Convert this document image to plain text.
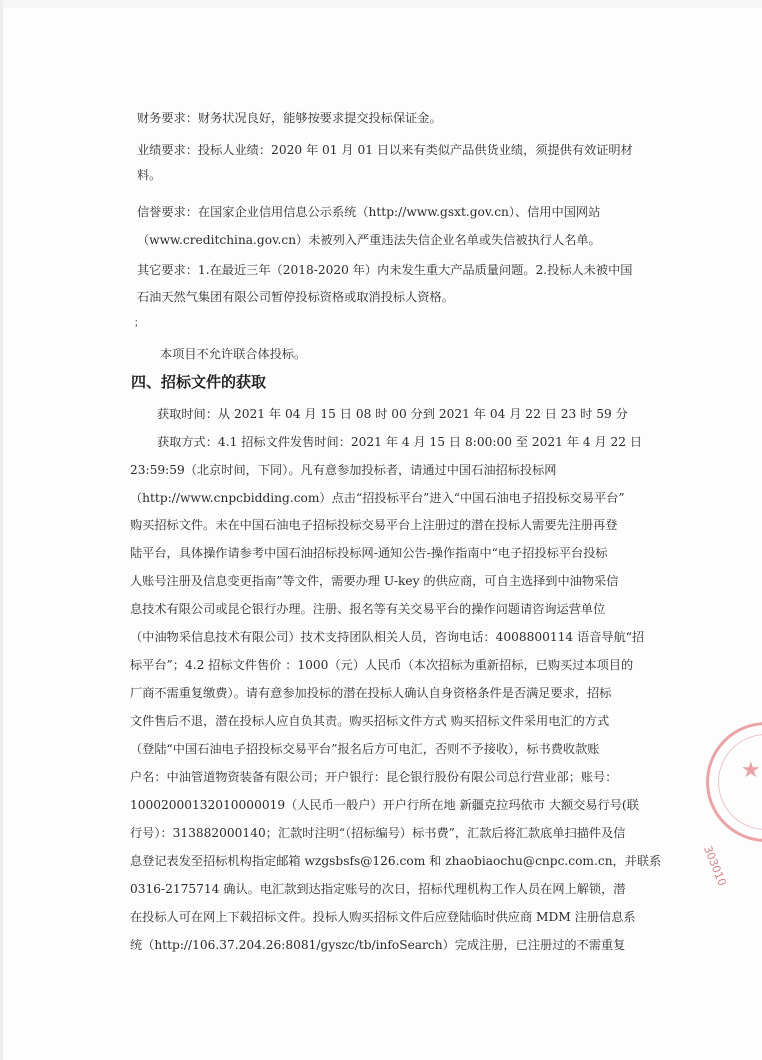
财务要求：财务状况良好，能够按要求提交投标保证金。
业绩要求：投标人业绩：2020 年 01 月 01 日以来有类似产品供货业绩，须提供有效证明材
料。
信誉要求：在国家企业信用信息公示系统（http://www.gsxt.gov.cn）、信用中国网站
（www.creditchina.gov.cn）未被列入严重违法失信企业名单或失信被执行人名单。
其它要求：1.在最近三年（2018-2020 年）内未发生重大产品质量问题。2.投标人未被中国
石油天然气集团有限公司暂停投标资格或取消投标人资格。
；
本项目不允许联合体投标。
四、招标文件的获取
获取时间：从 2021 年 04 月 15 日 08 时 00 分到 2021 年 04 月 22 日 23 时 59 分
获取方式：4.1 招标文件发售时间：2021 年 4 月 15 日 8:00:00 至 2021 年 4 月 22 日
23:59:59（北京时间，下同）。凡有意参加投标者，请通过中国石油招标投标网
（http://www.cnpcbidding.com）点击“招投标平台”进入“中国石油电子招投标交易平台”
购买招标文件。未在中国石油电子招标投标交易平台上注册过的潜在投标人需要先注册再登
陆平台，具体操作请参考中国石油招标投标网-通知公告-操作指南中“电子招投标平台投标
人账号注册及信息变更指南”等文件，需要办理 U-key 的供应商，可自主选择到中油物采信
息技术有限公司或昆仑银行办理。注册、报名等有关交易平台的操作问题请咨询运营单位
（中油物采信息技术有限公司）技术支持团队相关人员，咨询电话：4008800114 语音导航“招
标平台”；4.2 招标文件售价 ：1000（元）人民币（本次招标为重新招标，已购买过本项目的
厂商不需重复缴费）。请有意参加投标的潜在投标人确认自身资格条件是否满足要求，招标
文件售后不退，潜在投标人应自负其责。购买招标文件方式 购买招标文件采用电汇的方式
（登陆“中国石油电子招投标交易平台”报名后方可电汇，否则不予接收），标书费收款账
户名：中油管道物资装备有限公司；开户银行：昆仑银行股份有限公司总行营业部；账号：
10002000132010000019（人民币一般户）开户行所在地 新疆克拉玛依市 大额交易行号(联
行号）：313882000140；汇款时注明“（招标编号）标书费”，汇款后将汇款底单扫描件及信
息登记表发至招标机构指定邮箱 wzgsbsfs@126.com 和 zhaobiaochu@cnpc.com.cn，并联系
0316-2175714 确认。电汇款到达指定账号的次日，招标代理机构工作人员在网上解锁，潜
在投标人可在网上下载招标文件。投标人购买招标文件后应登陆临时供应商 MDM 注册信息系
统（http://106.37.204.26:8081/gyszc/tb/infoSearch）完成注册，已注册过的不需重复
★
303010
